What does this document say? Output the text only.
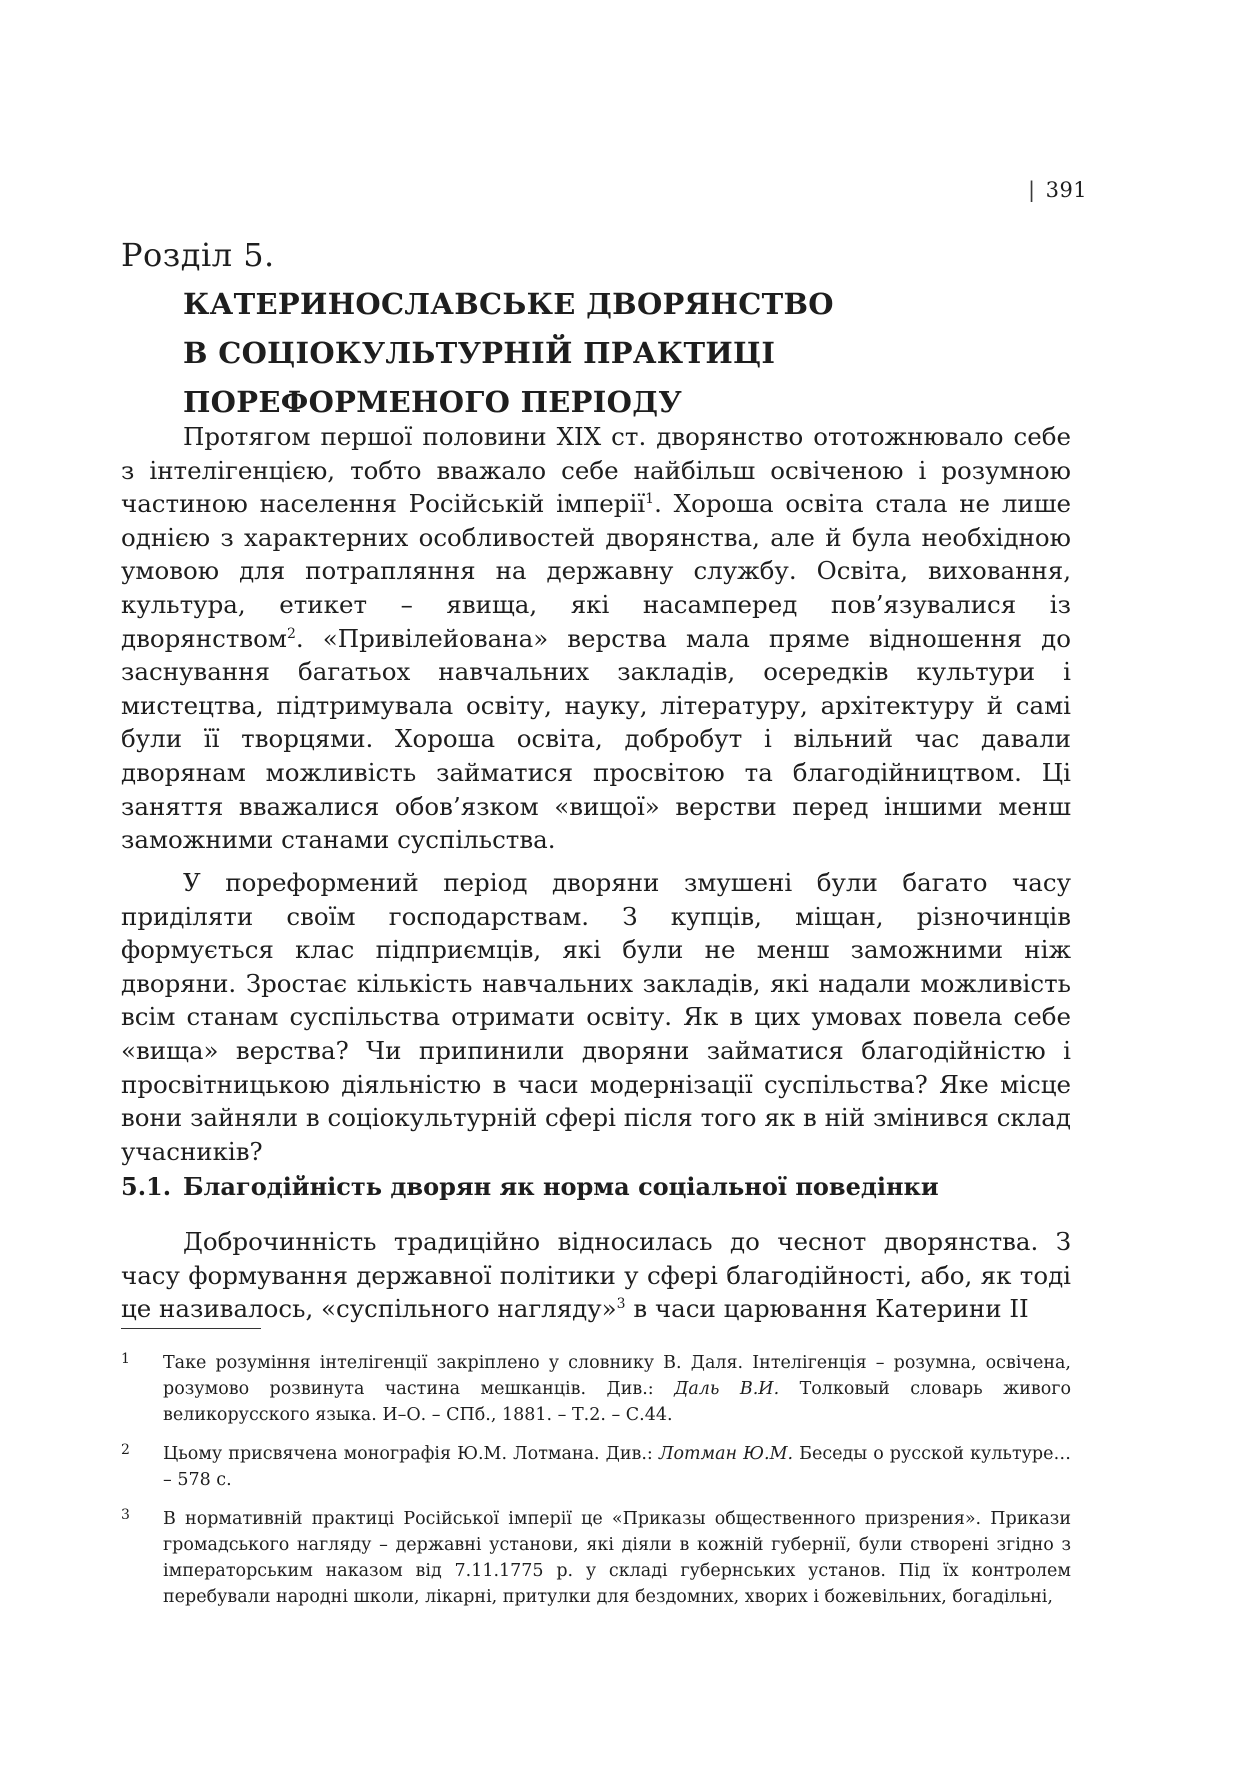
| 391
Розділ 5.
КАТЕРИНОСЛАВСЬКЕ ДВОРЯНСТВО
В СОЦІОКУЛЬТУРНІЙ ПРАКТИЦІ
ПОРЕФОРМЕНОГО ПЕРІОДУ

Протягом першої половини XIX ст. дворянство ототожнювало себе з інтелігенцією, тобто вважало себе найбільш освіченою і розумною частиною населення Російській імперії$^1$. Хороша освіта стала не лише однією з характерних особливостей дворянства, але й була необхідною умовою для потрапляння на державну службу. Освіта, виховання, культура, етикет – явища, які насамперед пов’язувалися із дворянством$^2$. «Привілейована» верства мала пряме відношення до заснування багатьох навчальних закладів, осередків культури і мистецтва, підтримувала освіту, науку, літературу, архітектуру й самі були її творцями. Хороша освіта, добробут і вільний час давали дворянам можливість займатися просвітою та благодійництвом. Ці заняття вважалися обов’язком «вищої» верстви перед іншими менш заможними станами суспільства.

У пореформений період дворяни змушені були багато часу приділяти своїм господарствам. З купців, міщан, різночинців формується клас підприємців, які були не менш заможними ніж дворяни. Зростає кількість навчальних закладів, які надали можливість всім станам суспільства отримати освіту. Як в цих умовах повела себе «вища» верства? Чи припинили дворяни займатися благодійністю і просвітницькою діяльністю в часи модернізації суспільства? Яке місце вони зайняли в соціокультурній сфері після того як в ній змінився склад учасників?

5.1. Благодійність дворян як норма соціальної поведінки

Доброчинність традиційно відносилась до чеснот дворянства. З часу формування державної політики у сфері благодійності, або, як тоді це називалось, «суспільного нагляду»$^3$ в часи царювання Катерини II

1 Таке розуміння інтелігенції закріплено у словнику В. Даля. Інтелігенція – розумна, освічена, розумово розвинута частина мешканців. Див.: Даль В.И. Толковый словарь живого великорусского языка. И–О. – СПб., 1881. – Т.2. – С.44.
2 Цьому присвячена монографія Ю.М. Лотмана. Див.: Лотман Ю.М. Беседы о русской культуре… – 578 с.
3 В нормативній практиці Російської імперії це «Приказы общественного призрения». Прикази громадського нагляду – державні установи, які діяли в кожній губернії, були створені згідно з імператорським наказом від 7.11.1775 р. у складі губернських установ. Під їх контролем перебували народні школи, лікарні, притулки для бездомних, хворих і божевільних, богадільні,
